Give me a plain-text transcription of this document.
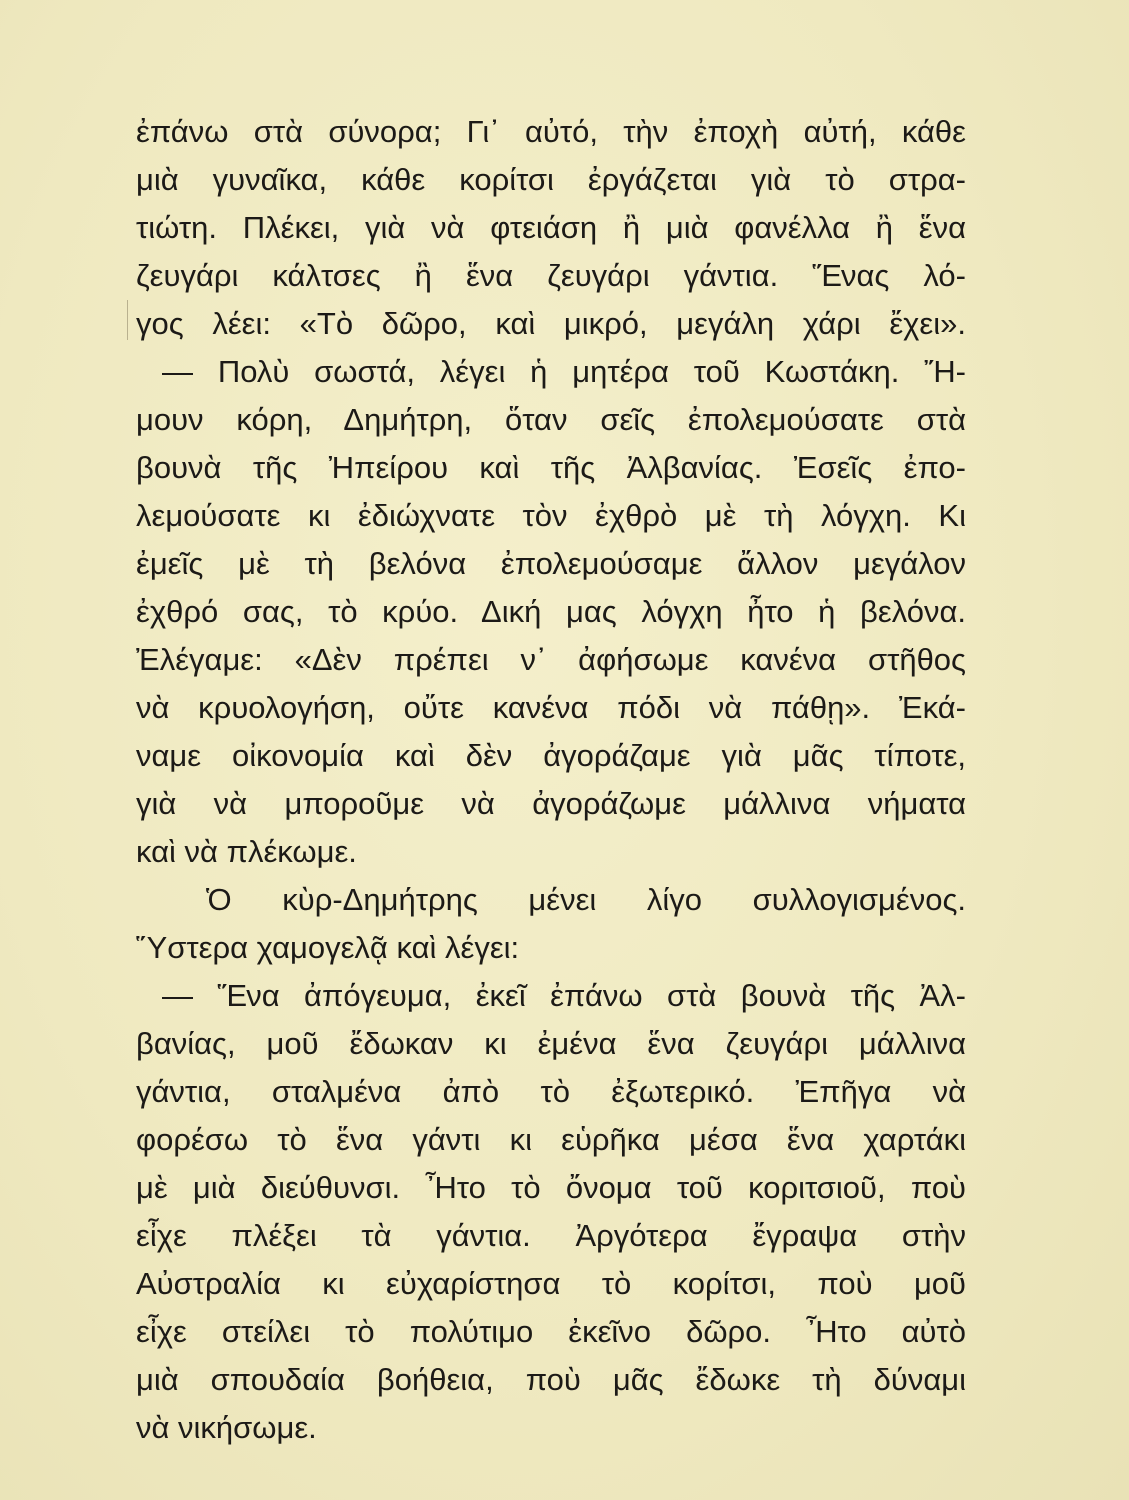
ἐπάνω στὰ σύνορα; Γι᾽ αὐτό, τὴν ἐποχὴ αὐτή, κάθε
μιὰ γυναῖκα, κάθε κορίτσι ἐργάζεται γιὰ τὸ στρα-
τιώτη. Πλέκει, γιὰ νὰ φτειάση ἢ μιὰ φανέλλα ἢ ἕνα
ζευγάρι κάλτσες ἢ ἕνα ζευγάρι γάντια. Ἕνας λό-
γος λέει: «Τὸ δῶρο, καὶ μικρό, μεγάλη χάρι ἔχει».
— Πολὺ σωστά, λέγει ἡ μητέρα τοῦ Κωστάκη. Ἤ-
μουν κόρη, Δημήτρη, ὅταν σεῖς ἐπολεμούσατε στὰ
βουνὰ τῆς Ἠπείρου καὶ τῆς Ἀλβανίας. Ἐσεῖς ἐπο-
λεμούσατε κι ἐδιώχνατε τὸν ἐχθρὸ μὲ τὴ λόγχη. Κι
ἐμεῖς μὲ τὴ βελόνα ἐπολεμούσαμε ἄλλον μεγάλον
ἐχθρό σας, τὸ κρύο. Δική μας λόγχη ἦτο ἡ βελόνα.
Ἐλέγαμε: «Δὲν πρέπει ν᾽ ἀφήσωμε κανένα στῆθος
νὰ κρυολογήση, οὔτε κανένα πόδι νὰ πάθῃ». Ἐκά-
ναμε οἰκονομία καὶ δὲν ἀγοράζαμε γιὰ μᾶς τίποτε,
γιὰ νὰ μποροῦμε νὰ ἀγοράζωμε μάλλινα νήματα
καὶ νὰ πλέκωμε.
Ὁ κὺρ-Δημήτρης μένει λίγο συλλογισμένος.
Ὕστερα χαμογελᾷ καὶ λέγει:
— Ἕνα ἀπόγευμα, ἐκεῖ ἐπάνω στὰ βουνὰ τῆς Ἀλ-
βανίας, μοῦ ἔδωκαν κι ἐμένα ἕνα ζευγάρι μάλλινα
γάντια, σταλμένα ἀπὸ τὸ ἐξωτερικό. Ἐπῆγα νὰ
φορέσω τὸ ἕνα γάντι κι εὑρῆκα μέσα ἕνα χαρτάκι
μὲ μιὰ διεύθυνσι. Ἦτο τὸ ὄνομα τοῦ κοριτσιοῦ, ποὺ
εἶχε πλέξει τὰ γάντια. Ἀργότερα ἔγραψα στὴν
Αὐστραλία κι εὐχαρίστησα τὸ κορίτσι, ποὺ μοῦ
εἶχε στείλει τὸ πολύτιμο ἐκεῖνο δῶρο. Ἦτο αὐτὸ
μιὰ σπουδαία βοήθεια, ποὺ μᾶς ἔδωκε τὴ δύναμι
νὰ νικήσωμε.
